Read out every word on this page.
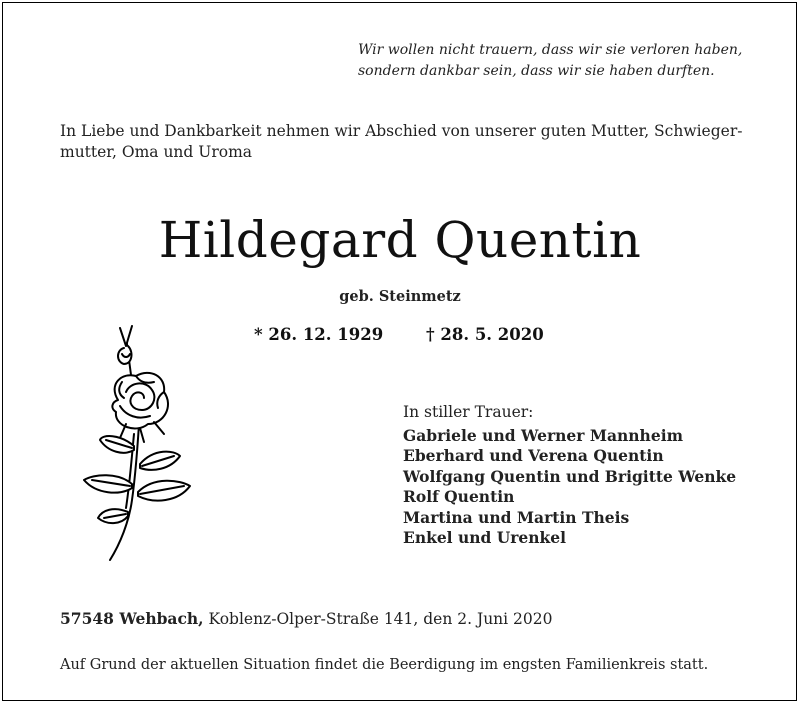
Wir wollen nicht trauern, dass wir sie verloren haben,
sondern dankbar sein, dass wir sie haben durften.
In Liebe und Dankbarkeit nehmen wir Abschied von unserer guten Mutter, Schwieger-
mutter, Oma und Uroma
Hildegard Quentin
geb. Steinmetz
* 26. 12. 1929	† 28. 5. 2020
In stiller Trauer:
Gabriele und Werner Mannheim
Eberhard und Verena Quentin
Wolfgang Quentin und Brigitte Wenke
Rolf Quentin
Martina und Martin Theis
Enkel und Urenkel
57548 Wehbach, Koblenz-Olper-Straße 141, den 2. Juni 2020
Auf Grund der aktuellen Situation findet die Beerdigung im engsten Familienkreis statt.
